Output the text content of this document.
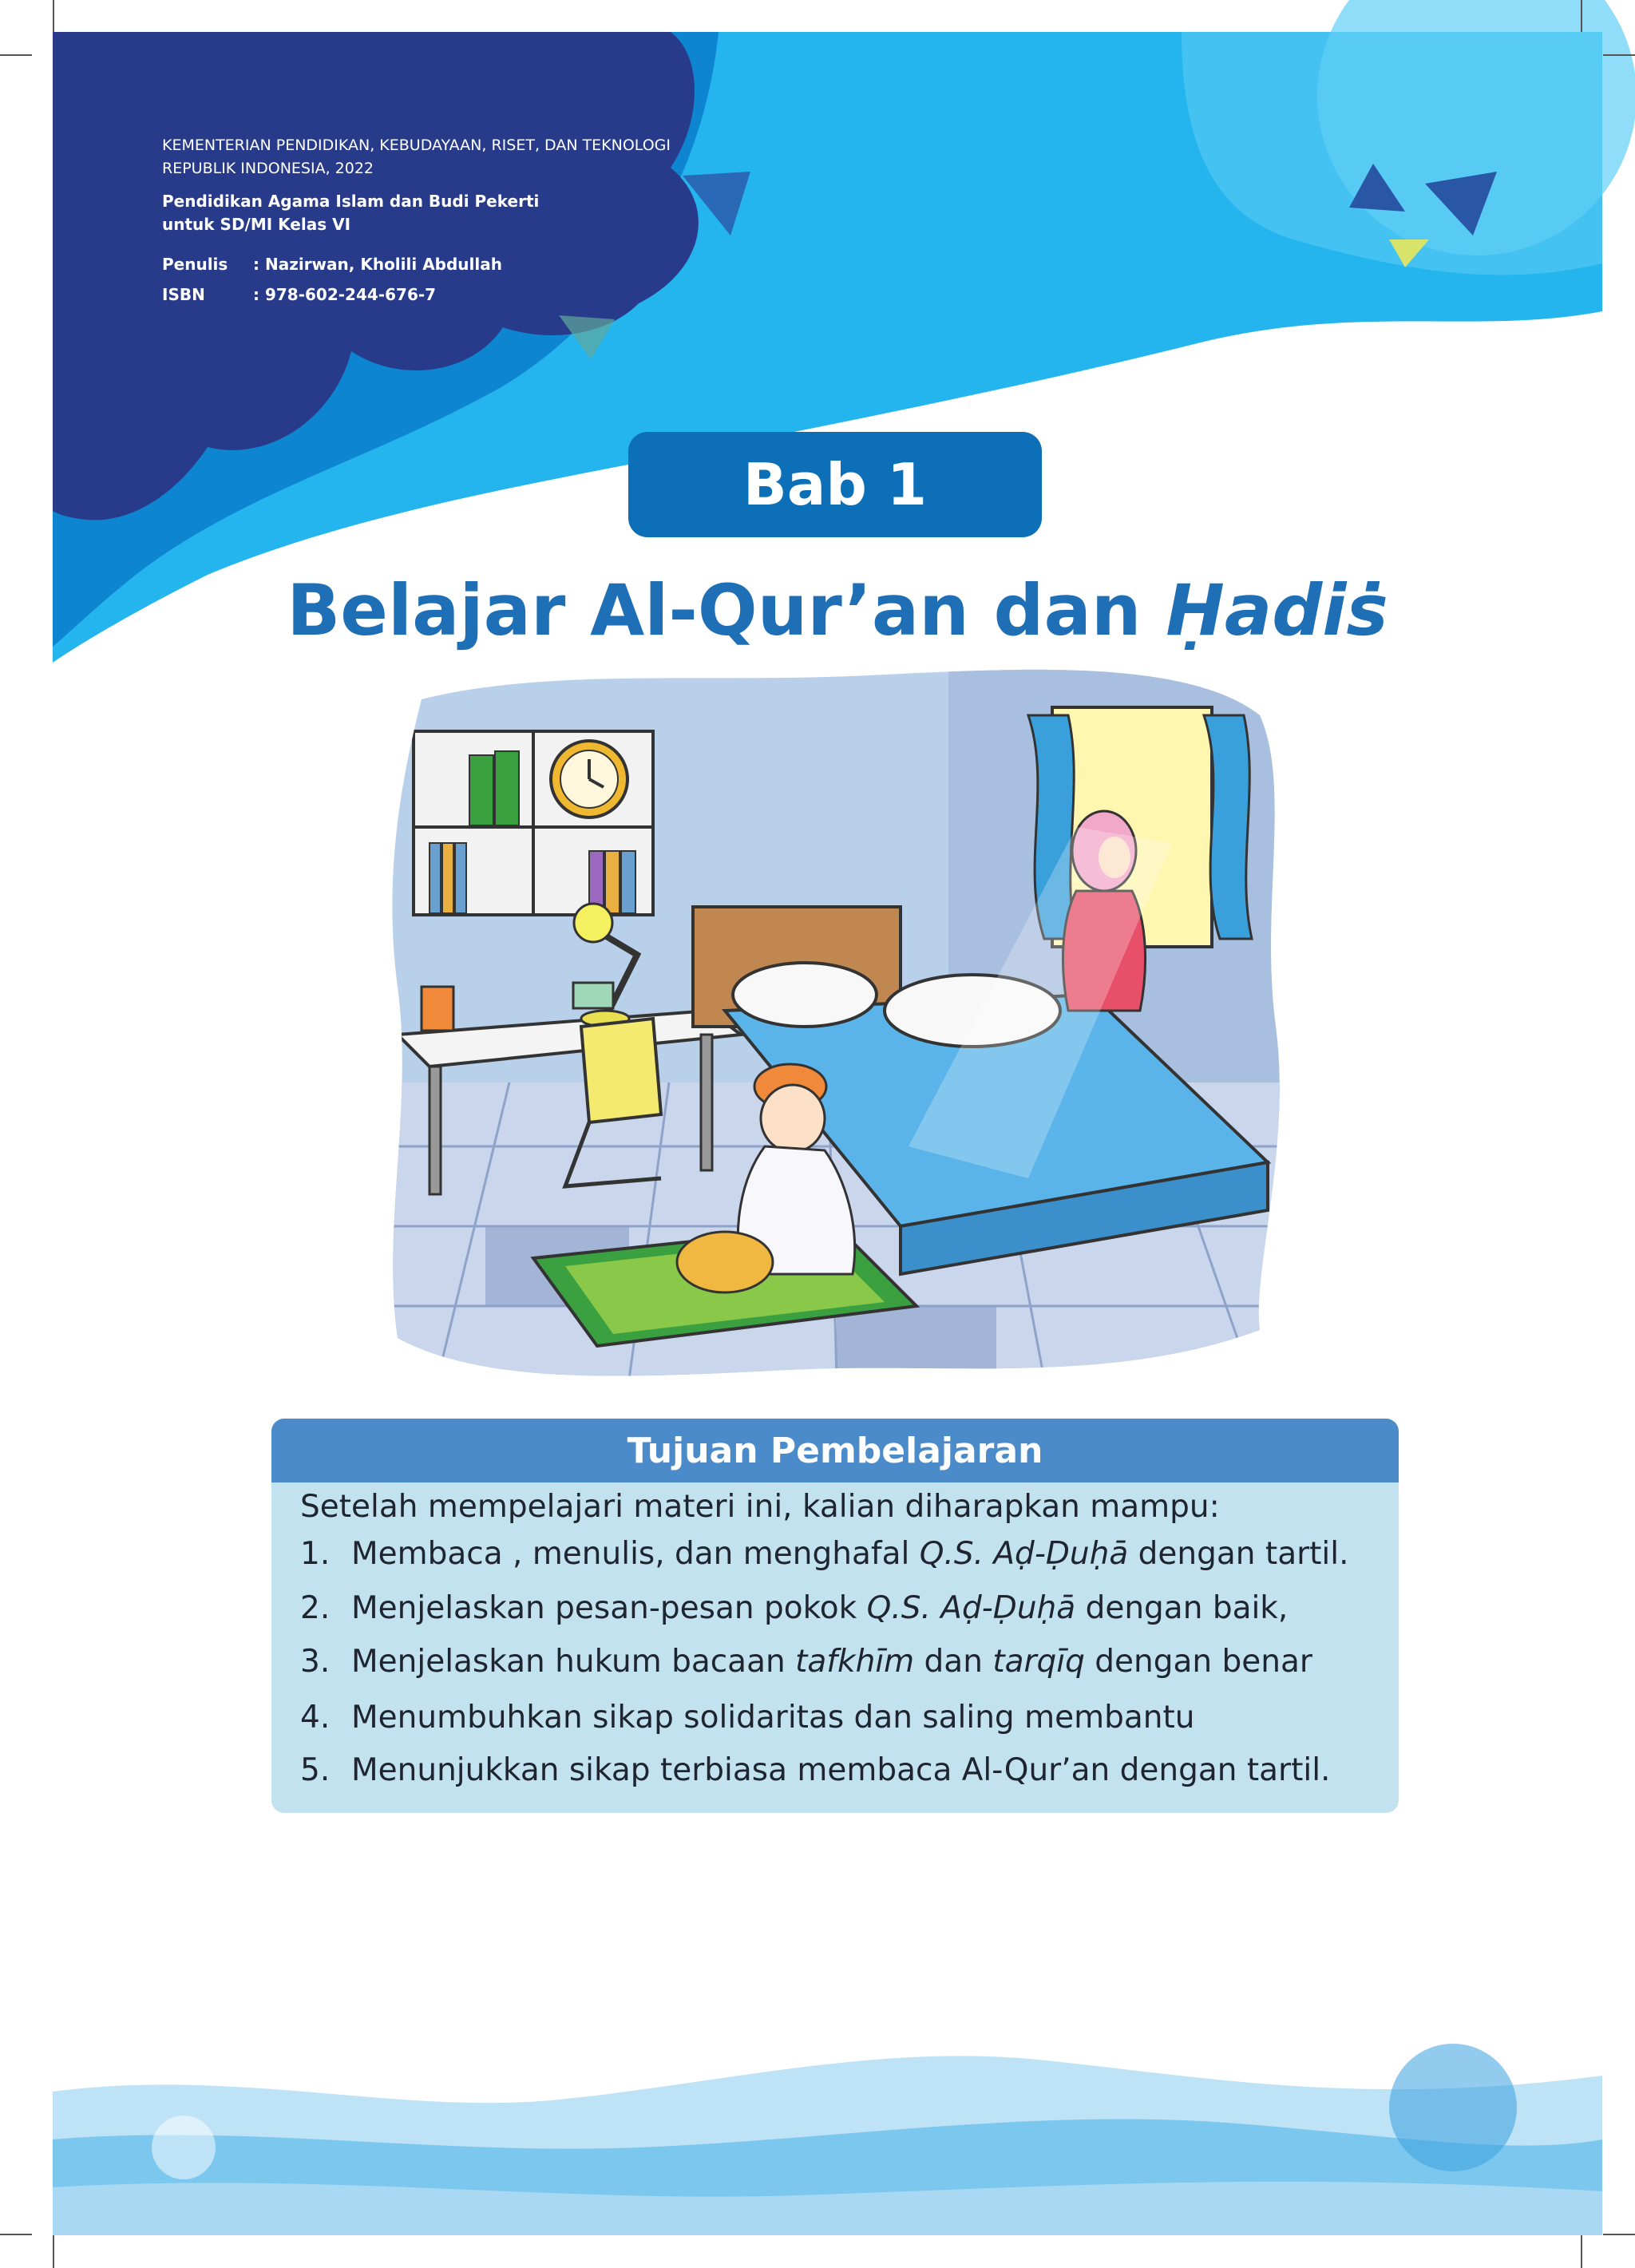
KEMENTERIAN PENDIDIKAN, KEBUDAYAAN, RISET, DAN TEKNOLOGI
REPUBLIK INDONESIA, 2022
Pendidikan Agama Islam dan Budi Pekerti
untuk SD/MI Kelas VI
Penulis	: Nazirwan, Kholili Abdullah
ISBN	: 978-602-244-676-7
Bab 1
Belajar Al-Qur’an dan Ḥadiṡ
Tujuan Pembelajaran
Setelah mempelajari materi ini, kalian diharapkan mampu:
1. Membaca , menulis, dan menghafal Q.S. Aḍ-Ḍuḥā dengan tartil.
2. Menjelaskan pesan-pesan pokok Q.S. Aḍ-Ḍuḥā dengan baik,
3. Menjelaskan hukum bacaan tafkhīm dan tarqīq dengan benar
4. Menumbuhkan sikap solidaritas dan saling membantu
5. Menunjukkan sikap terbiasa membaca Al-Qur’an dengan tartil.
